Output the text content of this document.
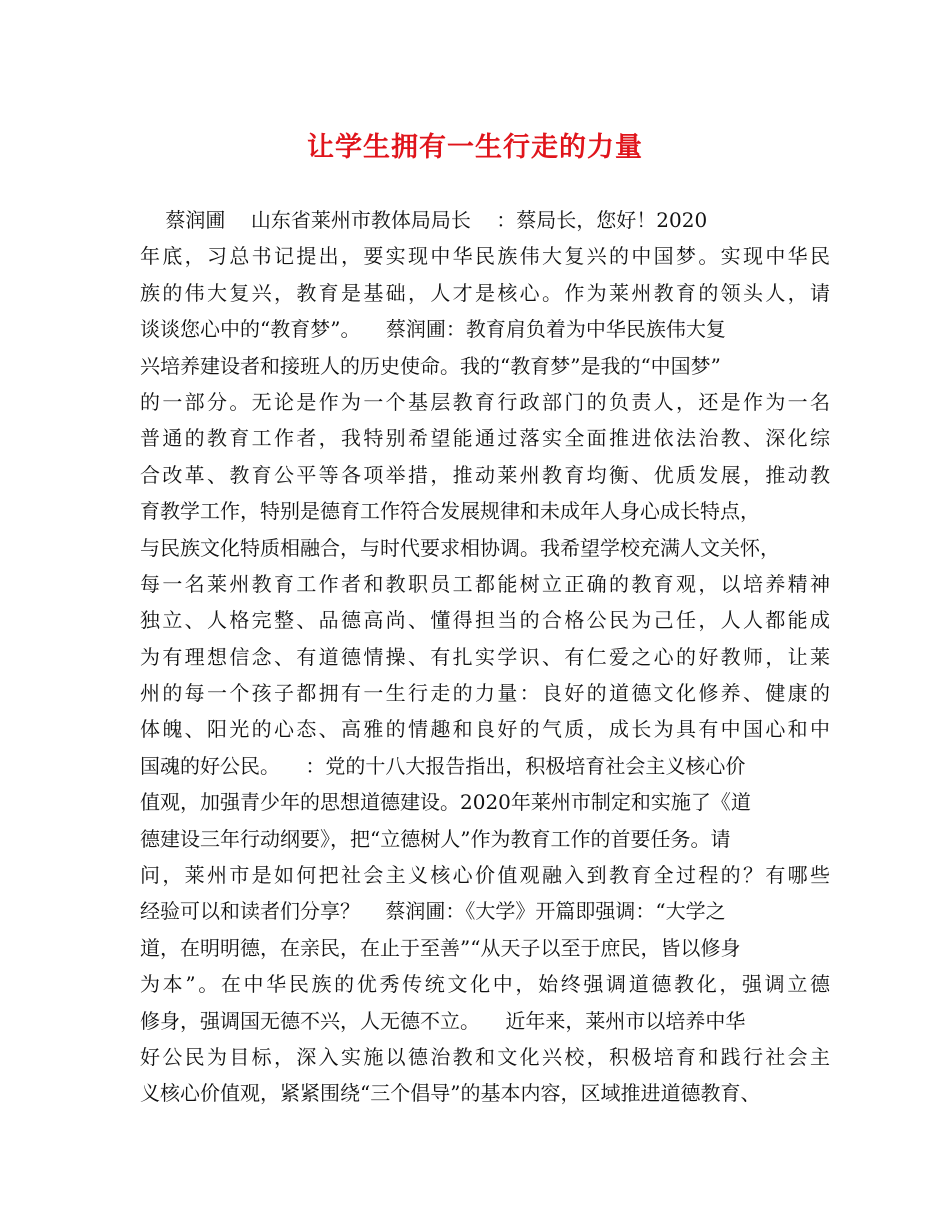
让学生拥有一生行走的力量
蔡润圃    山东省莱州市教体局局长    ：蔡局长，您好！2020
年底，习总书记提出，要实现中华民族伟大复兴的中国梦。实现中华民
族的伟大复兴，教育是基础，人才是核心。作为莱州教育的领头人，请
谈谈您心中的“教育梦”。    蔡润圃：教育肩负着为中华民族伟大复
兴培养建设者和接班人的历史使命。我的“教育梦”是我的“中国梦”
的一部分。无论是作为一个基层教育行政部门的负责人，还是作为一名
普通的教育工作者，我特别希望能通过落实全面推进依法治教、深化综
合改革、教育公平等各项举措，推动莱州教育均衡、优质发展，推动教
育教学工作，特别是德育工作符合发展规律和未成年人身心成长特点，
与民族文化特质相融合，与时代要求相协调。我希望学校充满人文关怀，
每一名莱州教育工作者和教职员工都能树立正确的教育观，以培养精神
独立、人格完整、品德高尚、懂得担当的合格公民为己任，人人都能成
为有理想信念、有道德情操、有扎实学识、有仁爱之心的好教师，让莱
州的每一个孩子都拥有一生行走的力量：良好的道德文化修养、健康的
体魄、阳光的心态、高雅的情趣和良好的气质，成长为具有中国心和中
国魂的好公民。    ：党的十八大报告指出，积极培育社会主义核心价
值观，加强青少年的思想道德建设。2020年莱州市制定和实施了《道
德建设三年行动纲要》，把“立德树人”作为教育工作的首要任务。请
问，莱州市是如何把社会主义核心价值观融入到教育全过程的？有哪些
经验可以和读者们分享？    蔡润圃：《大学》开篇即强调：“大学之
道，在明明德，在亲民，在止于至善”“从天子以至于庶民，皆以修身
为本”。在中华民族的优秀传统文化中，始终强调道德教化，强调立德
修身，强调国无德不兴，人无德不立。    近年来，莱州市以培养中华
好公民为目标，深入实施以德治教和文化兴校，积极培育和践行社会主
义核心价值观，紧紧围绕“三个倡导”的基本内容，区域推进道德教育、
